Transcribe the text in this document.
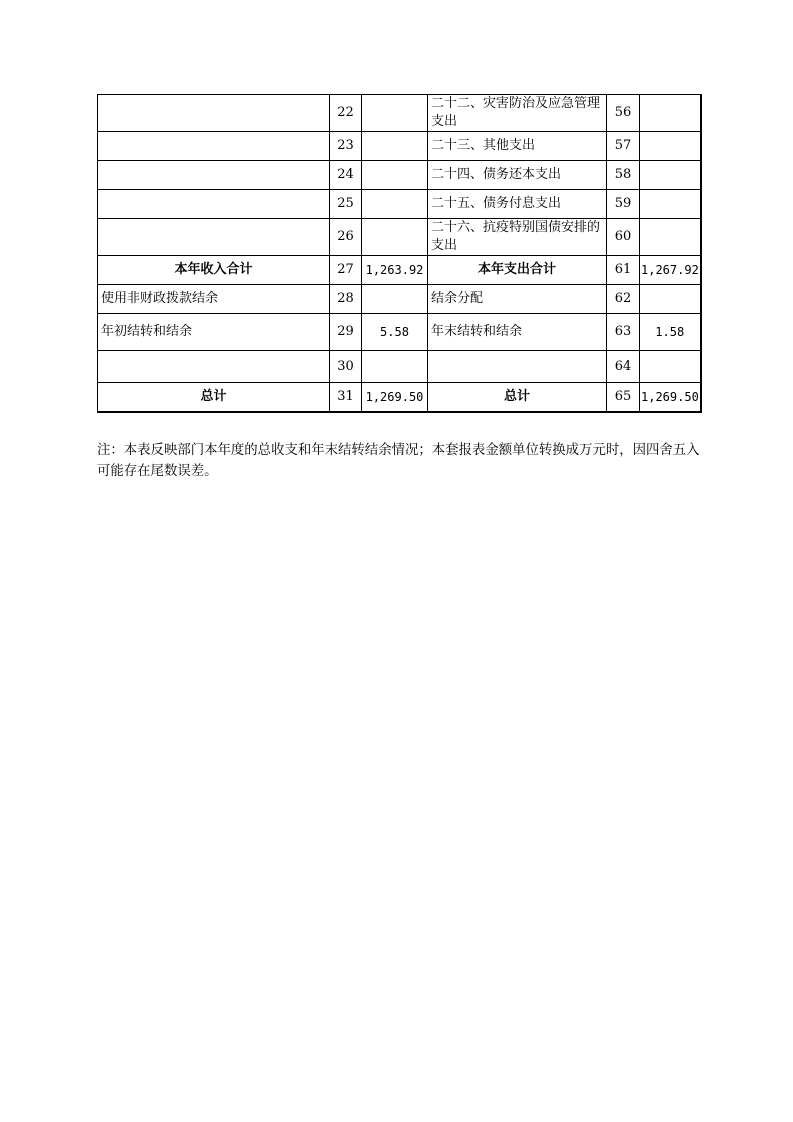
	22		二十二、灾害防治及应急管理支出	56	
	23		二十三、其他支出	57	
	24		二十四、债务还本支出	58	
	25		二十五、债务付息支出	59	
	26		二十六、抗疫特别国债安排的支出	60	
本年收入合计	27	1,263.92	本年支出合计	61	1,267.92
使用非财政拨款结余	28		结余分配	62	
年初结转和结余	29	5.58	年末结转和结余	63	1.58
	30			64	
总计	31	1,269.50	总计	65	1,269.50

注：本表反映部门本年度的总收支和年末结转结余情况；本套报表金额单位转换成万元时，因四舍五入可能存在尾数误差。
